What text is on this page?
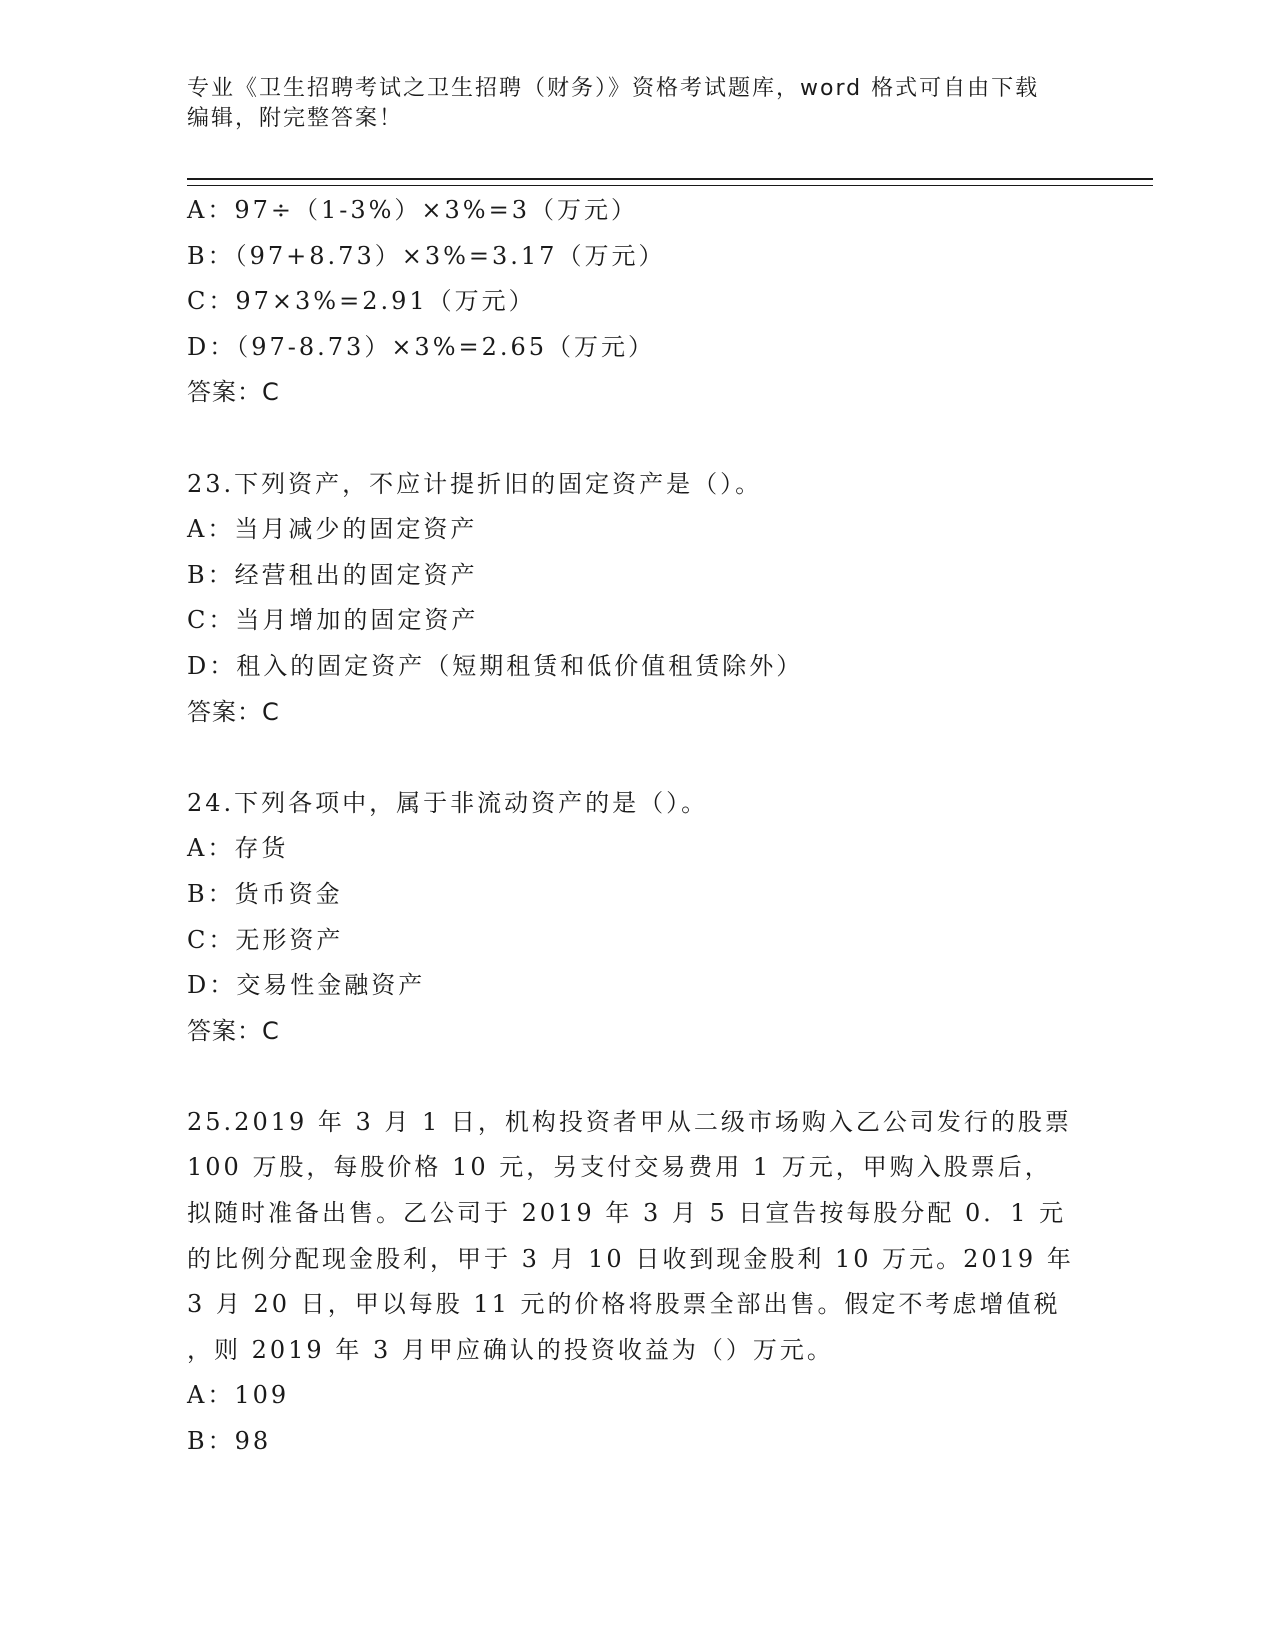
专业《卫生招聘考试之卫生招聘（财务）》资格考试题库，word 格式可自由下载
编辑，附完整答案！
A：97÷（1-3%）×3%=3（万元）
B：（97+8.73）×3%=3.17（万元）
C：97×3%=2.91（万元）
D：（97-8.73）×3%=2.65（万元）
答案：C
23.下列资产，不应计提折旧的固定资产是（）。
A：当月减少的固定资产
B：经营租出的固定资产
C：当月增加的固定资产
D：租入的固定资产（短期租赁和低价值租赁除外）
答案：C
24.下列各项中，属于非流动资产的是（）。
A：存货
B：货币资金
C：无形资产
D：交易性金融资产
答案：C
25.2019 年 3 月 1 日，机构投资者甲从二级市场购入乙公司发行的股票
100 万股，每股价格 10 元，另支付交易费用 1 万元，甲购入股票后，
拟随时准备出售。乙公司于 2019 年 3 月 5 日宣告按每股分配 0．1 元
的比例分配现金股利，甲于 3 月 10 日收到现金股利 10 万元。2019 年
3 月 20 日，甲以每股 11 元的价格将股票全部出售。假定不考虑增值税
，则 2019 年 3 月甲应确认的投资收益为（）万元。
A：109
B：98
